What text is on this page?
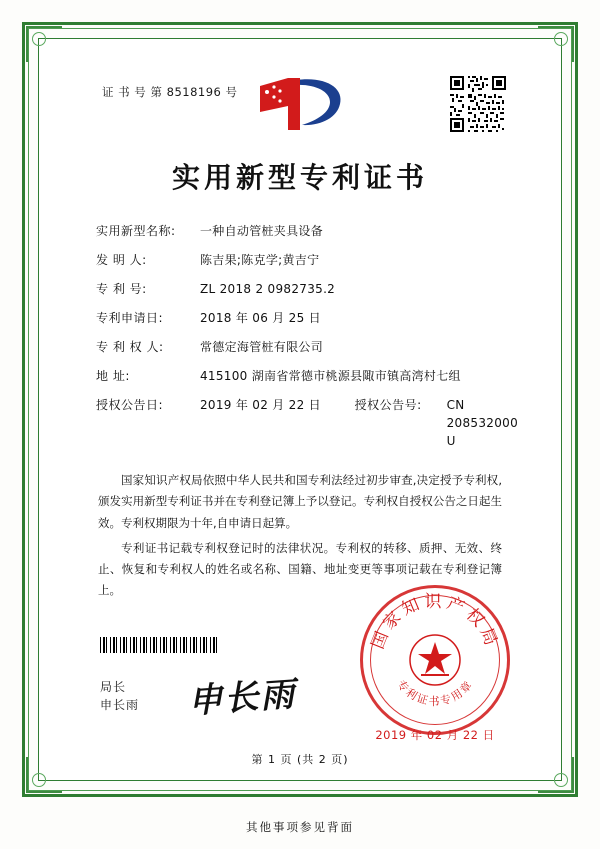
证 书 号 第 8518196 号
实用新型专利证书
实用新型名称:	一种自动管桩夹具设备
发 明 人:	陈吉果;陈克学;黄吉宁
专 利 号:	ZL 2018 2 0982735.2
专利申请日:	2018 年 06 月 25 日
专 利 权 人:	常德定海管桩有限公司
地 址:	415100 湖南省常德市桃源县陬市镇高湾村七组
授权公告日:	2019 年 02 月 22 日	授权公告号:	CN 208532000 U

国家知识产权局依照中华人民共和国专利法经过初步审查,决定授予专利权,颁发实用新型专利证书并在专利登记簿上予以登记。专利权自授权公告之日起生效。专利权期限为十年,自申请日起算。

专利证书记载专利权登记时的法律状况。专利权的转移、质押、无效、终止、恢复和专利权人的姓名或名称、国籍、地址变更等事项记载在专利登记簿上。

局长
申长雨 申长雨
国家知识产权局
专利证书专用章
2019 年 02 月 22 日
第 1 页 (共 2 页)
其他事项参见背面
